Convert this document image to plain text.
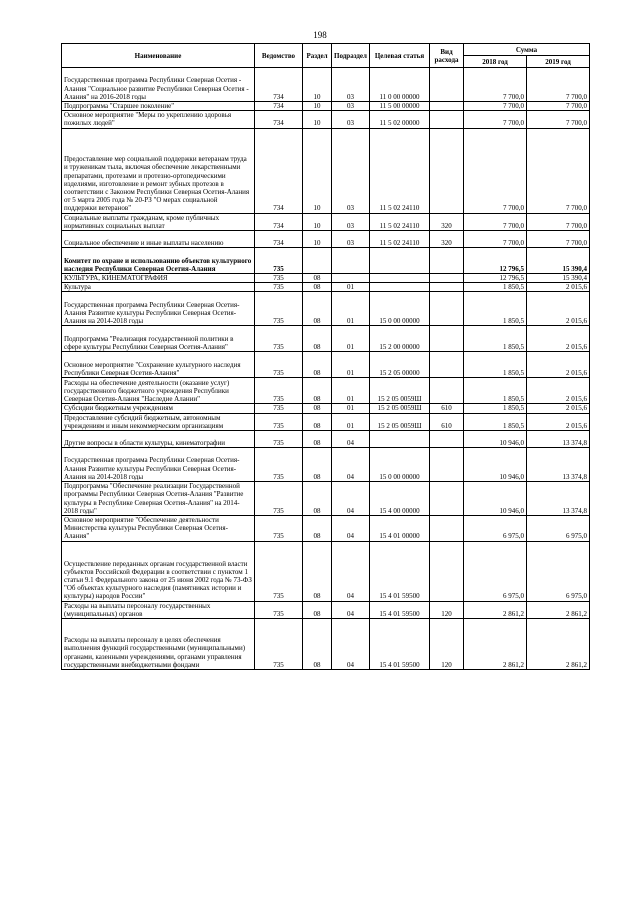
198
Наименование	Ведомство	Раздел	Подраздел	Целевая статья	Вид расхода	Сумма	
						2018 год	2019 год
Государственная программа Республики Северная Осетия - Алания "Социальное развитие Республики Северная Осетия - Алания" на 2016-2018 годы	734	10	03	11 0 00 00000		7 700,0	7 700,0
Подпрограмма "Старшее поколение"	734	10	03	11 5 00 00000		7 700,0	7 700,0
Основное мероприятие "Меры по укреплению здоровья пожилых людей"	734	10	03	11 5 02 00000		7 700,0	7 700,0
Предоставление мер социальной поддержки ветеранам труда и труженикам тыла, включая обеспечение лекарственными препаратами, протезами и протезно-ортопедическими изделиями, изготовление и ремонт зубных протезов в соответствии с Законом Республики Северная Осетия-Алания от 5 марта 2005 года № 20-РЗ "О мерах социальной поддержки ветеранов"	734	10	03	11 5 02 24110		7 700,0	7 700,0
Социальные выплаты гражданам, кроме публичных нормативных социальных выплат	734	10	03	11 5 02 24110	320	7 700,0	7 700,0
Социальное обеспечение и иные выплаты населению	734	10	03	11 5 02 24110	320	7 700,0	7 700,0
Комитет по охране и использованию объектов культурного наследия Республики Северная Осетия-Алания	735					12 796,5	15 390,4
КУЛЬТУРА, КИНЕМАТОГРАФИЯ	735	08				12 796,5	15 390,4
Культура	735	08	01			1 850,5	2 015,6
Государственная программа Республики Северная Осетия-Алания Развитие культуры Республики Северная Осетия-Алания на 2014-2018 годы	735	08	01	15 0 00 00000		1 850,5	2 015,6
Подпрограмма "Реализация государственной политики в сфере культуры Республики Северная Осетия-Алания"	735	08	01	15 2 00 00000		1 850,5	2 015,6
Основное мероприятие "Сохранение культурного наследия Республики Северная Осетия-Алания"	735	08	01	15 2 05 00000		1 850,5	2 015,6
Расходы на обеспечение деятельности (оказание услуг) государственного бюджетного учреждения Республики Северная Осетия-Алания "Наследие Алании"	735	08	01	15 2 05 0059Ш		1 850,5	2 015,6
Субсидии бюджетным учреждениям	735	08	01	15 2 05 0059Ш	610	1 850,5	2 015,6
Предоставление субсидий бюджетным, автономным учреждениям и иным некоммерческим организациям	735	08	01	15 2 05 0059Ш	610	1 850,5	2 015,6
Другие вопросы в области культуры, кинематографии	735	08	04			10 946,0	13 374,8
Государственная программа Республики Северная Осетия-Алания Развитие культуры Республики Северная Осетия-Алания на 2014-2018 годы	735	08	04	15 0 00 00000		10 946,0	13 374,8
Подпрограмма "Обеспечение реализации Государственной программы Республики Северная Осетия-Алания "Развитие культуры в Республике Северная Осетия-Алания" на 2014-2018 годы"	735	08	04	15 4 00 00000		10 946,0	13 374,8
Основное мероприятие "Обеспечение деятельности Министерства культуры Республики Северная Осетия-Алания"	735	08	04	15 4 01 00000		6 975,0	6 975,0
Осуществление переданных органам государственной власти субъектов Российской Федерации в соответствии с пунктом 1 статьи 9.1 Федерального закона от 25 июня 2002 года № 73-ФЗ "Об объектах культурного наследия (памятниках истории и культуры) народов России"	735	08	04	15 4 01 59500		6 975,0	6 975,0
Расходы на выплаты персоналу государственных (муниципальных) органов	735	08	04	15 4 01 59500	120	2 861,2	2 861,2
Расходы на выплаты персоналу в целях обеспечения выполнения функций государственными (муниципальными) органами, казенными учреждениями, органами управления государственными внебюджетными фондами	735	08	04	15 4 01 59500	120	2 861,2	2 861,2
